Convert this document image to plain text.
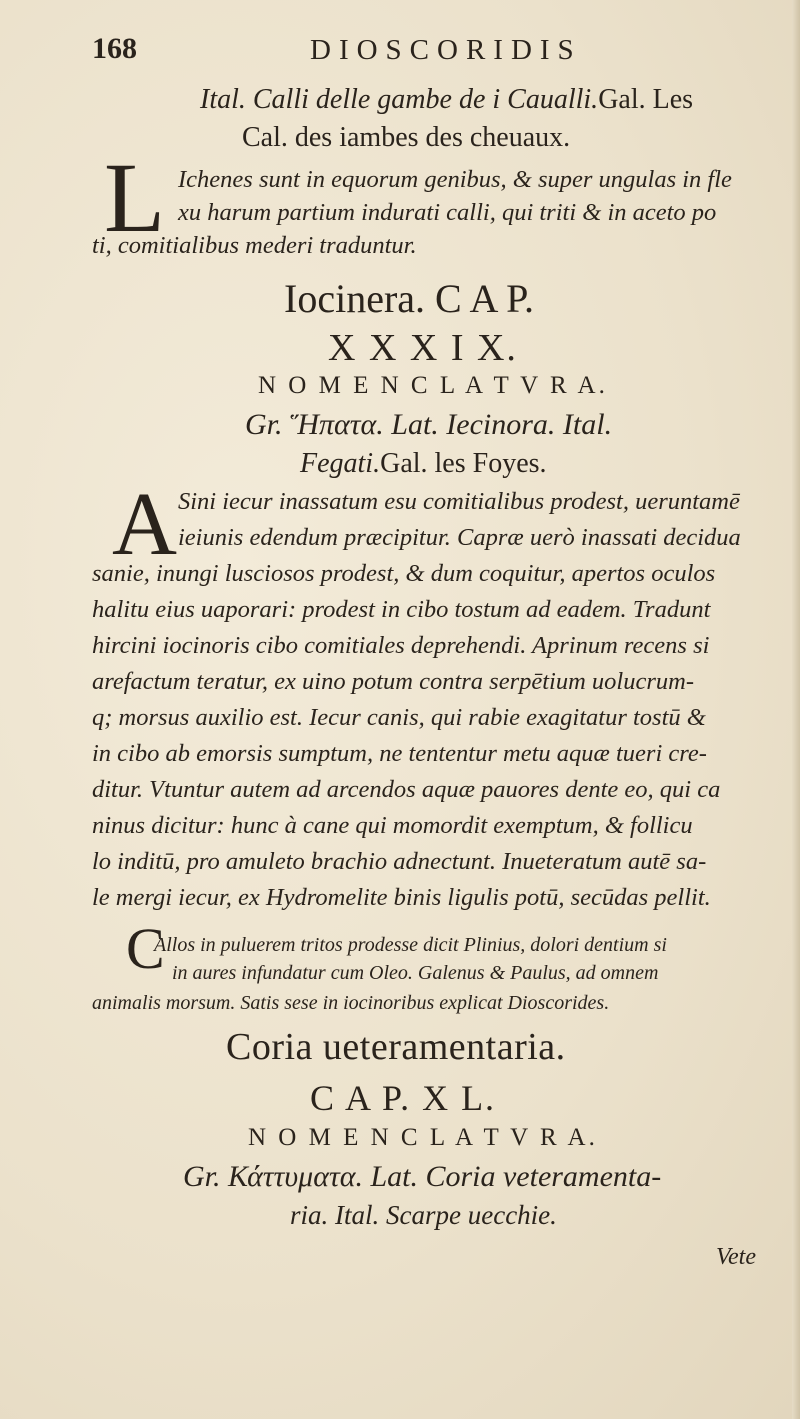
168	DIOSCORIDIS
Ital. Calli delle gambe de i Caualli.Gal. Les
Cal. des iambes des cheuaux.
L Ichenes sunt in equorum genibus, & super ungulas in fle
xu harum partium indurati calli, qui triti & in aceto po
ti, comitialibus mederi traduntur.
Iocinera. C A P.
X X X I X.
N O M E N C L A T V R A.
Gr. Ἥπατα. Lat. Iecinora. Ital.
Fegati.Gal. les Foyes.
A Sini iecur inassatum esu comitialibus prodest, ueruntamē
ieiunis edendum præcipitur. Capræ uerò inassati decidua
sanie, inungi lusciosos prodest, & dum coquitur, apertos oculos
halitu eius uaporari: prodest in cibo tostum ad eadem. Tradunt
hircini iocinoris cibo comitiales deprehendi. Aprinum recens si
arefactum teratur, ex uino potum contra serpētium uolucrum-
q; morsus auxilio est. Iecur canis, qui rabie exagitatur tostū &
in cibo ab emorsis sumptum, ne tententur metu aquæ tueri cre-
ditur. Vtuntur autem ad arcendos aquæ pauores dente eo, qui ca
ninus dicitur: hunc à cane qui momordit exemptum, & follicu
lo inditū, pro amuleto brachio adnectunt. Inueteratum autē sa-
le mergi iecur, ex Hydromelite binis ligulis potū, secūdas pellit.
C
Allos in puluerem tritos prodesse dicit Plinius, dolori dentium si
in aures infundatur cum Oleo. Galenus & Paulus, ad omnem
animalis morsum. Satis sese in iocinoribus explicat Dioscorides.
Coria ueteramentaria.
C A P. X L.
N O M E N C L A T V R A.
Gr. Κάττυματα. Lat. Coria veteramenta-
ria. Ital. Scarpe uecchie.
Vete
